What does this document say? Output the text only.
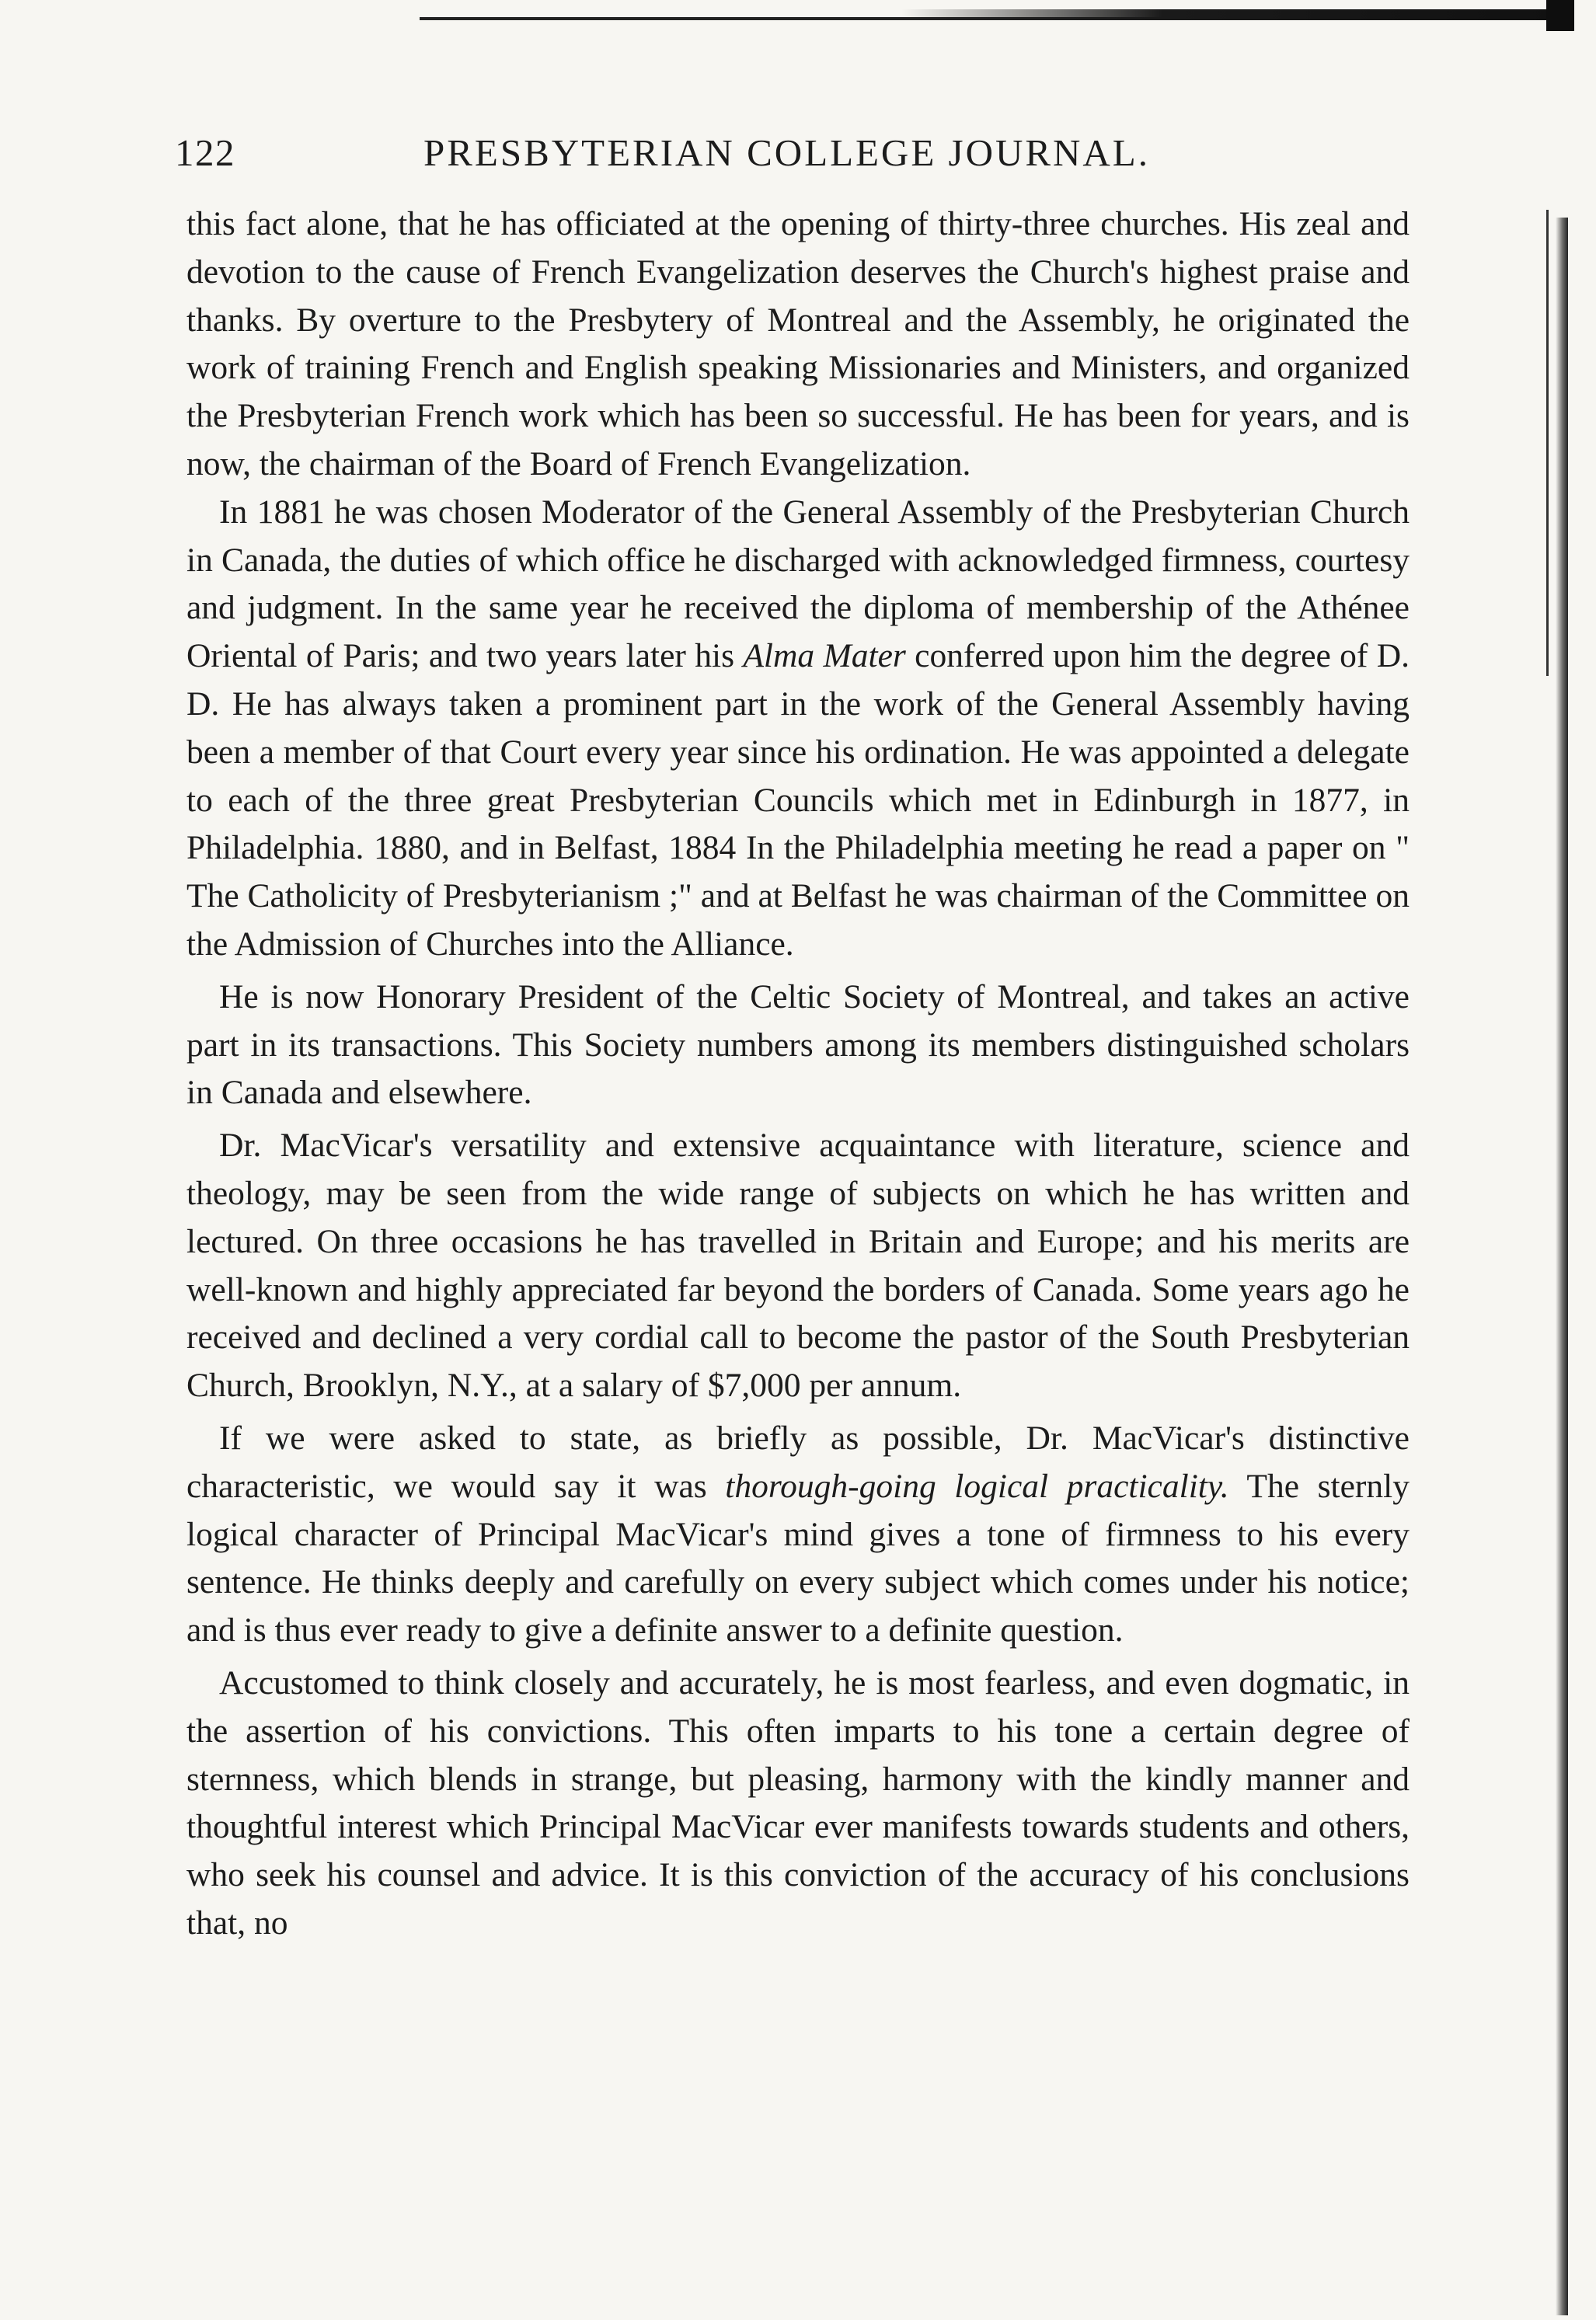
122	PRESBYTERIAN COLLEGE JOURNAL.

this fact alone, that he has officiated at the opening of thirty-three churches. His zeal and devotion to the cause of French Evangelization deserves the Church's highest praise and thanks. By overture to the Presbytery of Montreal and the Assembly, he originated the work of training French and English speaking Missionaries and Ministers, and organized the Presbyterian French work which has been so successful. He has been for years, and is now, the chairman of the Board of French Evangelization.

In 1881 he was chosen Moderator of the General Assembly of the Presbyterian Church in Canada, the duties of which office he discharged with acknowledged firmness, courtesy and judgment. In the same year he received the diploma of membership of the Athénee Oriental of Paris; and two years later his Alma Mater conferred upon him the degree of D. D. He has always taken a prominent part in the work of the General Assembly having been a member of that Court every year since his ordination. He was appointed a delegate to each of the three great Presbyterian Councils which met in Edinburgh in 1877, in Philadelphia. 1880, and in Belfast, 1884 In the Philadelphia meeting he read a paper on " The Catholicity of Presbyterianism ;" and at Belfast he was chairman of the Committee on the Admission of Churches into the Alliance.

He is now Honorary President of the Celtic Society of Montreal, and takes an active part in its transactions. This Society numbers among its members distinguished scholars in Canada and elsewhere.

Dr. MacVicar's versatility and extensive acquaintance with literature, science and theology, may be seen from the wide range of subjects on which he has written and lectured. On three occasions he has travelled in Britain and Europe; and his merits are well-known and highly appreciated far beyond the borders of Canada. Some years ago he received and declined a very cordial call to become the pastor of the South Presbyterian Church, Brooklyn, N.Y., at a salary of $7,000 per annum.

If we were asked to state, as briefly as possible, Dr. MacVicar's distinctive characteristic, we would say it was thorough-going logical practicality. The sternly logical character of Principal MacVicar's mind gives a tone of firmness to his every sentence. He thinks deeply and carefully on every subject which comes under his notice; and is thus ever ready to give a definite answer to a definite question.

Accustomed to think closely and accurately, he is most fearless, and even dogmatic, in the assertion of his convictions. This often imparts to his tone a certain degree of sternness, which blends in strange, but pleasing, harmony with the kindly manner and thoughtful interest which Principal MacVicar ever manifests towards students and others, who seek his counsel and advice. It is this conviction of the accuracy of his conclusions that, no
